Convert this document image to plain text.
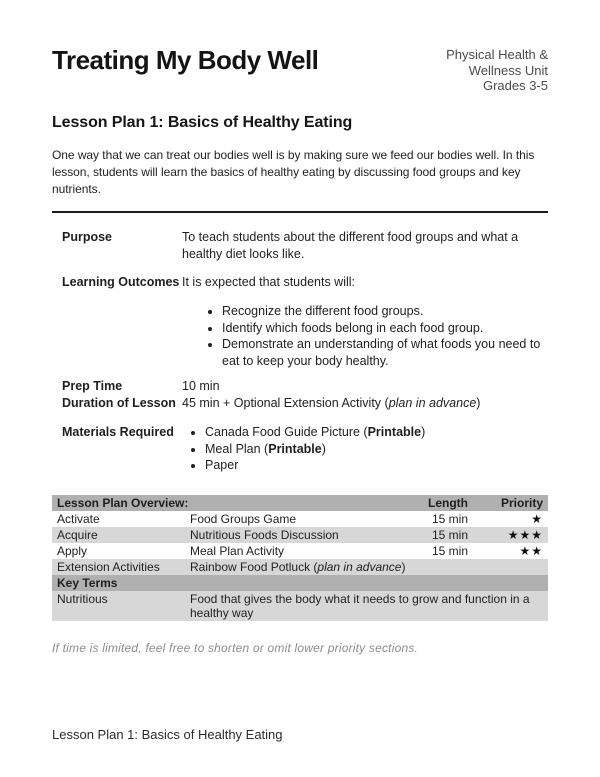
Treating My Body Well	Physical Health &
Wellness Unit
Grades 3-5
Lesson Plan 1: Basics of Healthy Eating

One way that we can treat our bodies well is by making sure we feed our bodies well. In this lesson, students will learn the basics of healthy eating by discussing food groups and key nutrients.

Purpose	To teach students about the different food groups and what a healthy diet looks like.
Learning Outcomes It is expected that students will:
• Recognize the different food groups.
• Identify which foods belong in each food group.
• Demonstrate an understanding of what foods you need to eat to keep your body healthy.
Prep Time	10 min
Duration of Lesson 45 min + Optional Extension Activity (plan in advance)
Materials Required	• Canada Food Guide Picture (Printable)
• Meal Plan (Printable)
• Paper
Lesson Plan Overview:	Length	Priority
Activate	Food Groups Game	15 min	★
Acquire	Nutritious Foods Discussion	15 min	★★★
Apply	Meal Plan Activity	15 min	★★
Extension Activities	Rainbow Food Potluck (plan in advance)
Key Terms
Nutritious	Food that gives the body what it needs to grow and function in a healthy way

If time is limited, feel free to shorten or omit lower priority sections.

Lesson Plan 1: Basics of Healthy Eating
